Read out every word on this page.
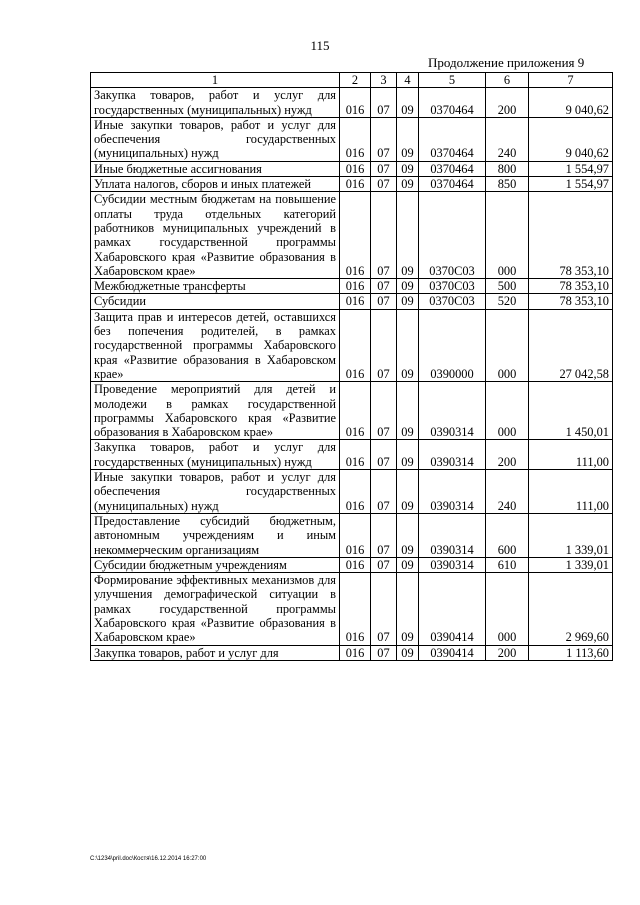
115
Продолжение приложения 9
1	2	3	4	5	6	7
Закупка товаров, работ и услуг для государственных (муниципальных) нужд	016	07	09	0370464	200	9 040,62
Иные закупки товаров, работ и услуг для обеспечения государственных (муниципальных) нужд	016	07	09	0370464	240	9 040,62
Иные бюджетные ассигнования	016	07	09	0370464	800	1 554,97
Уплата налогов, сборов и иных платежей	016	07	09	0370464	850	1 554,97
Субсидии местным бюджетам на повышение оплаты труда отдельных категорий работников муниципальных учреждений в рамках государственной программы Хабаровского края «Развитие образования в Хабаровском крае»	016	07	09	0370С03	000	78 353,10
Межбюджетные трансферты	016	07	09	0370С03	500	78 353,10
Субсидии	016	07	09	0370С03	520	78 353,10
Защита прав и интересов детей, оставшихся без попечения родителей, в рамках государственной программы Хабаровского края «Развитие образования в Хабаровском крае»	016	07	09	0390000	000	27 042,58
Проведение мероприятий для детей и молодежи в рамках государственной программы Хабаровского края «Развитие образования в Хабаровском крае»	016	07	09	0390314	000	1 450,01
Закупка товаров, работ и услуг для государственных (муниципальных) нужд	016	07	09	0390314	200	111,00
Иные закупки товаров, работ и услуг для обеспечения государственных (муниципальных) нужд	016	07	09	0390314	240	111,00
Предоставление субсидий бюджетным, автономным учреждениям и иным некоммерческим организациям	016	07	09	0390314	600	1 339,01
Субсидии бюджетным учреждениям	016	07	09	0390314	610	1 339,01
Формирование эффективных механизмов для улучшения демографической ситуации в рамках государственной программы Хабаровского края «Развитие образования в Хабаровском крае»	016	07	09	0390414	000	2 969,60
Закупка товаров, работ и услуг для	016	07	09	0390414	200	1 113,60
C:\1234\pril.doc\Костя\16.12.2014 16:27:00
